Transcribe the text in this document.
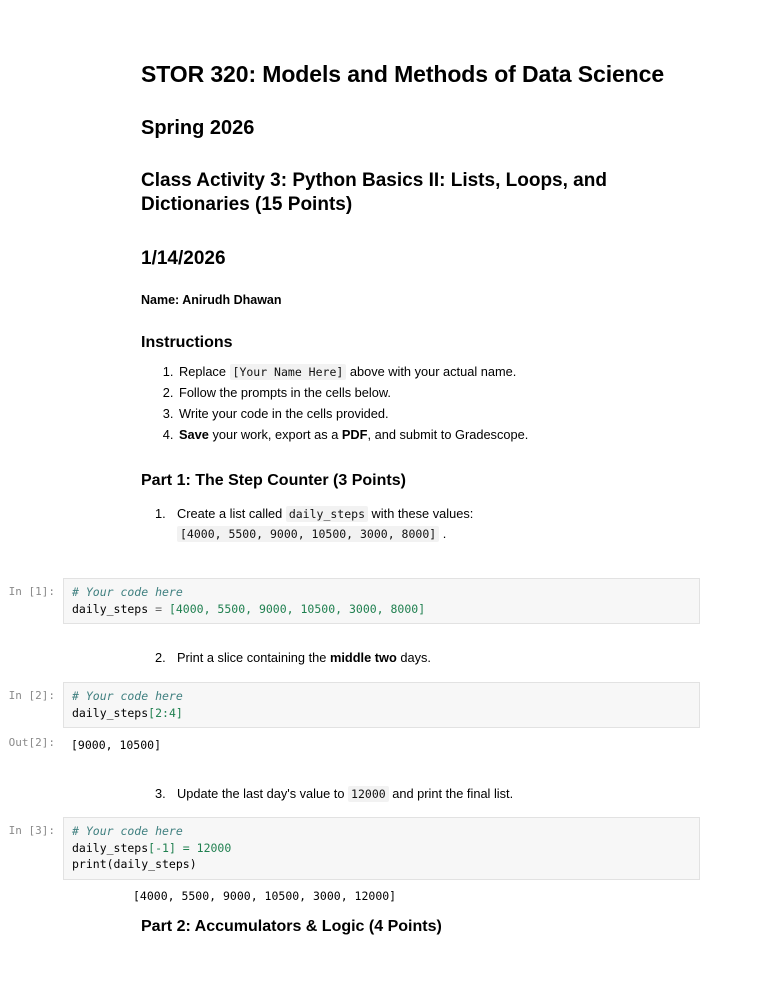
STOR 320: Models and Methods of Data Science
Spring 2026
Class Activity 3: Python Basics II: Lists, Loops, and Dictionaries (15 Points)
1/14/2026
Name: Anirudh Dhawan
Instructions
1. Replace [Your Name Here] above with your actual name.
2. Follow the prompts in the cells below.
3. Write your code in the cells provided.
4. Save your work, export as a PDF, and submit to Gradescope.
Part 1: The Step Counter (3 Points)
1. Create a list called daily_steps with these values: [4000, 5500, 9000, 10500, 3000, 8000] .
In [1]:	# Your code here
daily_steps = [4000, 5500, 9000, 10500, 3000, 8000]
2. Print a slice containing the middle two days.
In [2]:	# Your code here
daily_steps[2:4]
Out[2]:	[9000, 10500]
3. Update the last day's value to 12000 and print the final list.
In [3]:	# Your code here
daily_steps[-1] = 12000
print(daily_steps)
[4000, 5500, 9000, 10500, 3000, 12000]
Part 2: Accumulators & Logic (4 Points)
